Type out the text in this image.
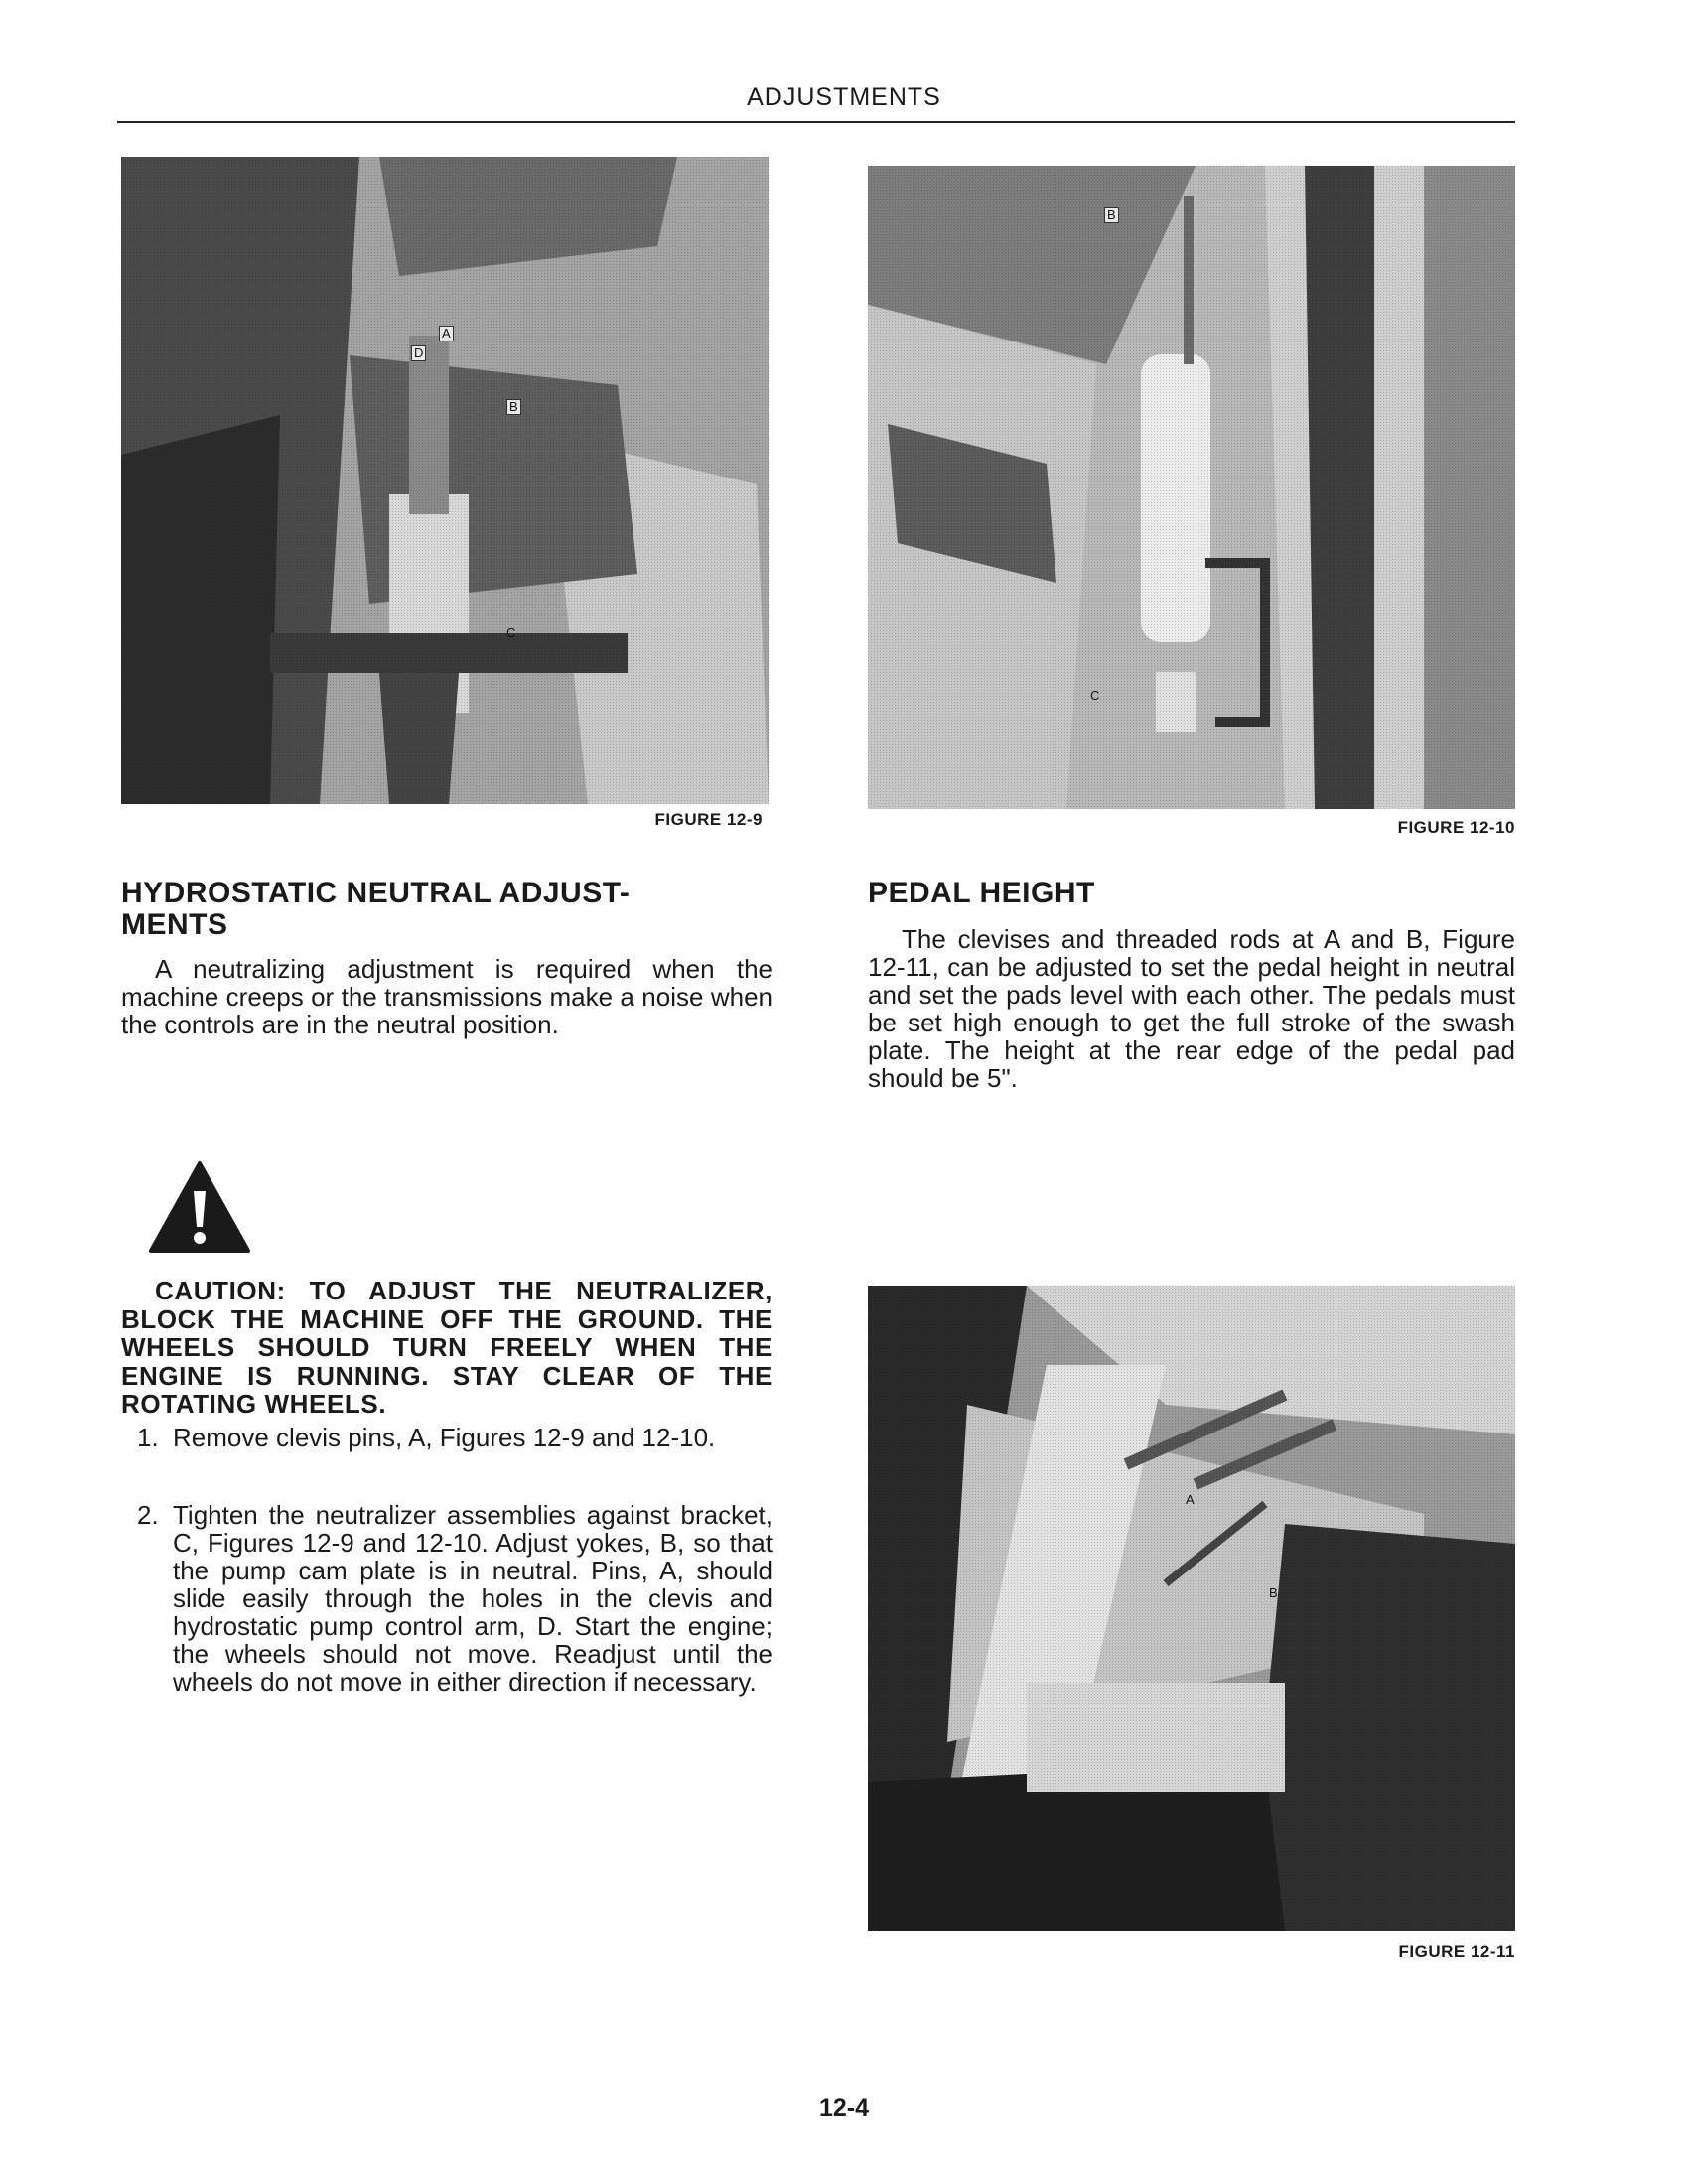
ADJUSTMENTS
A
D
B
C
FIGURE 12-9
B
C
FIGURE 12-10
HYDROSTATIC NEUTRAL ADJUST-
MENTS

A neutralizing adjustment is required when the machine creeps or the transmissions make a noise when the controls are in the neutral position.

CAUTION: TO ADJUST THE NEUTRALIZER, BLOCK THE MACHINE OFF THE GROUND. THE WHEELS SHOULD TURN FREELY WHEN THE ENGINE IS RUNNING. STAY CLEAR OF THE ROTATING WHEELS.
1. Remove clevis pins, A, Figures 12-9 and 12-10.
2. Tighten the neutralizer assemblies against bracket, C, Figures 12-9 and 12-10. Adjust yokes, B, so that the pump cam plate is in neutral. Pins, A, should slide easily through the holes in the clevis and hydrostatic pump control arm, D. Start the engine; the wheels should not move. Readjust until the wheels do not move in either direction if necessary.
PEDAL HEIGHT

The clevises and threaded rods at A and B, Figure 12-11, can be adjusted to set the pedal height in neutral and set the pads level with each other. The pedals must be set high enough to get the full stroke of the swash plate. The height at the rear edge of the pedal pad should be 5".

A
B
FIGURE 12-11
12-4
